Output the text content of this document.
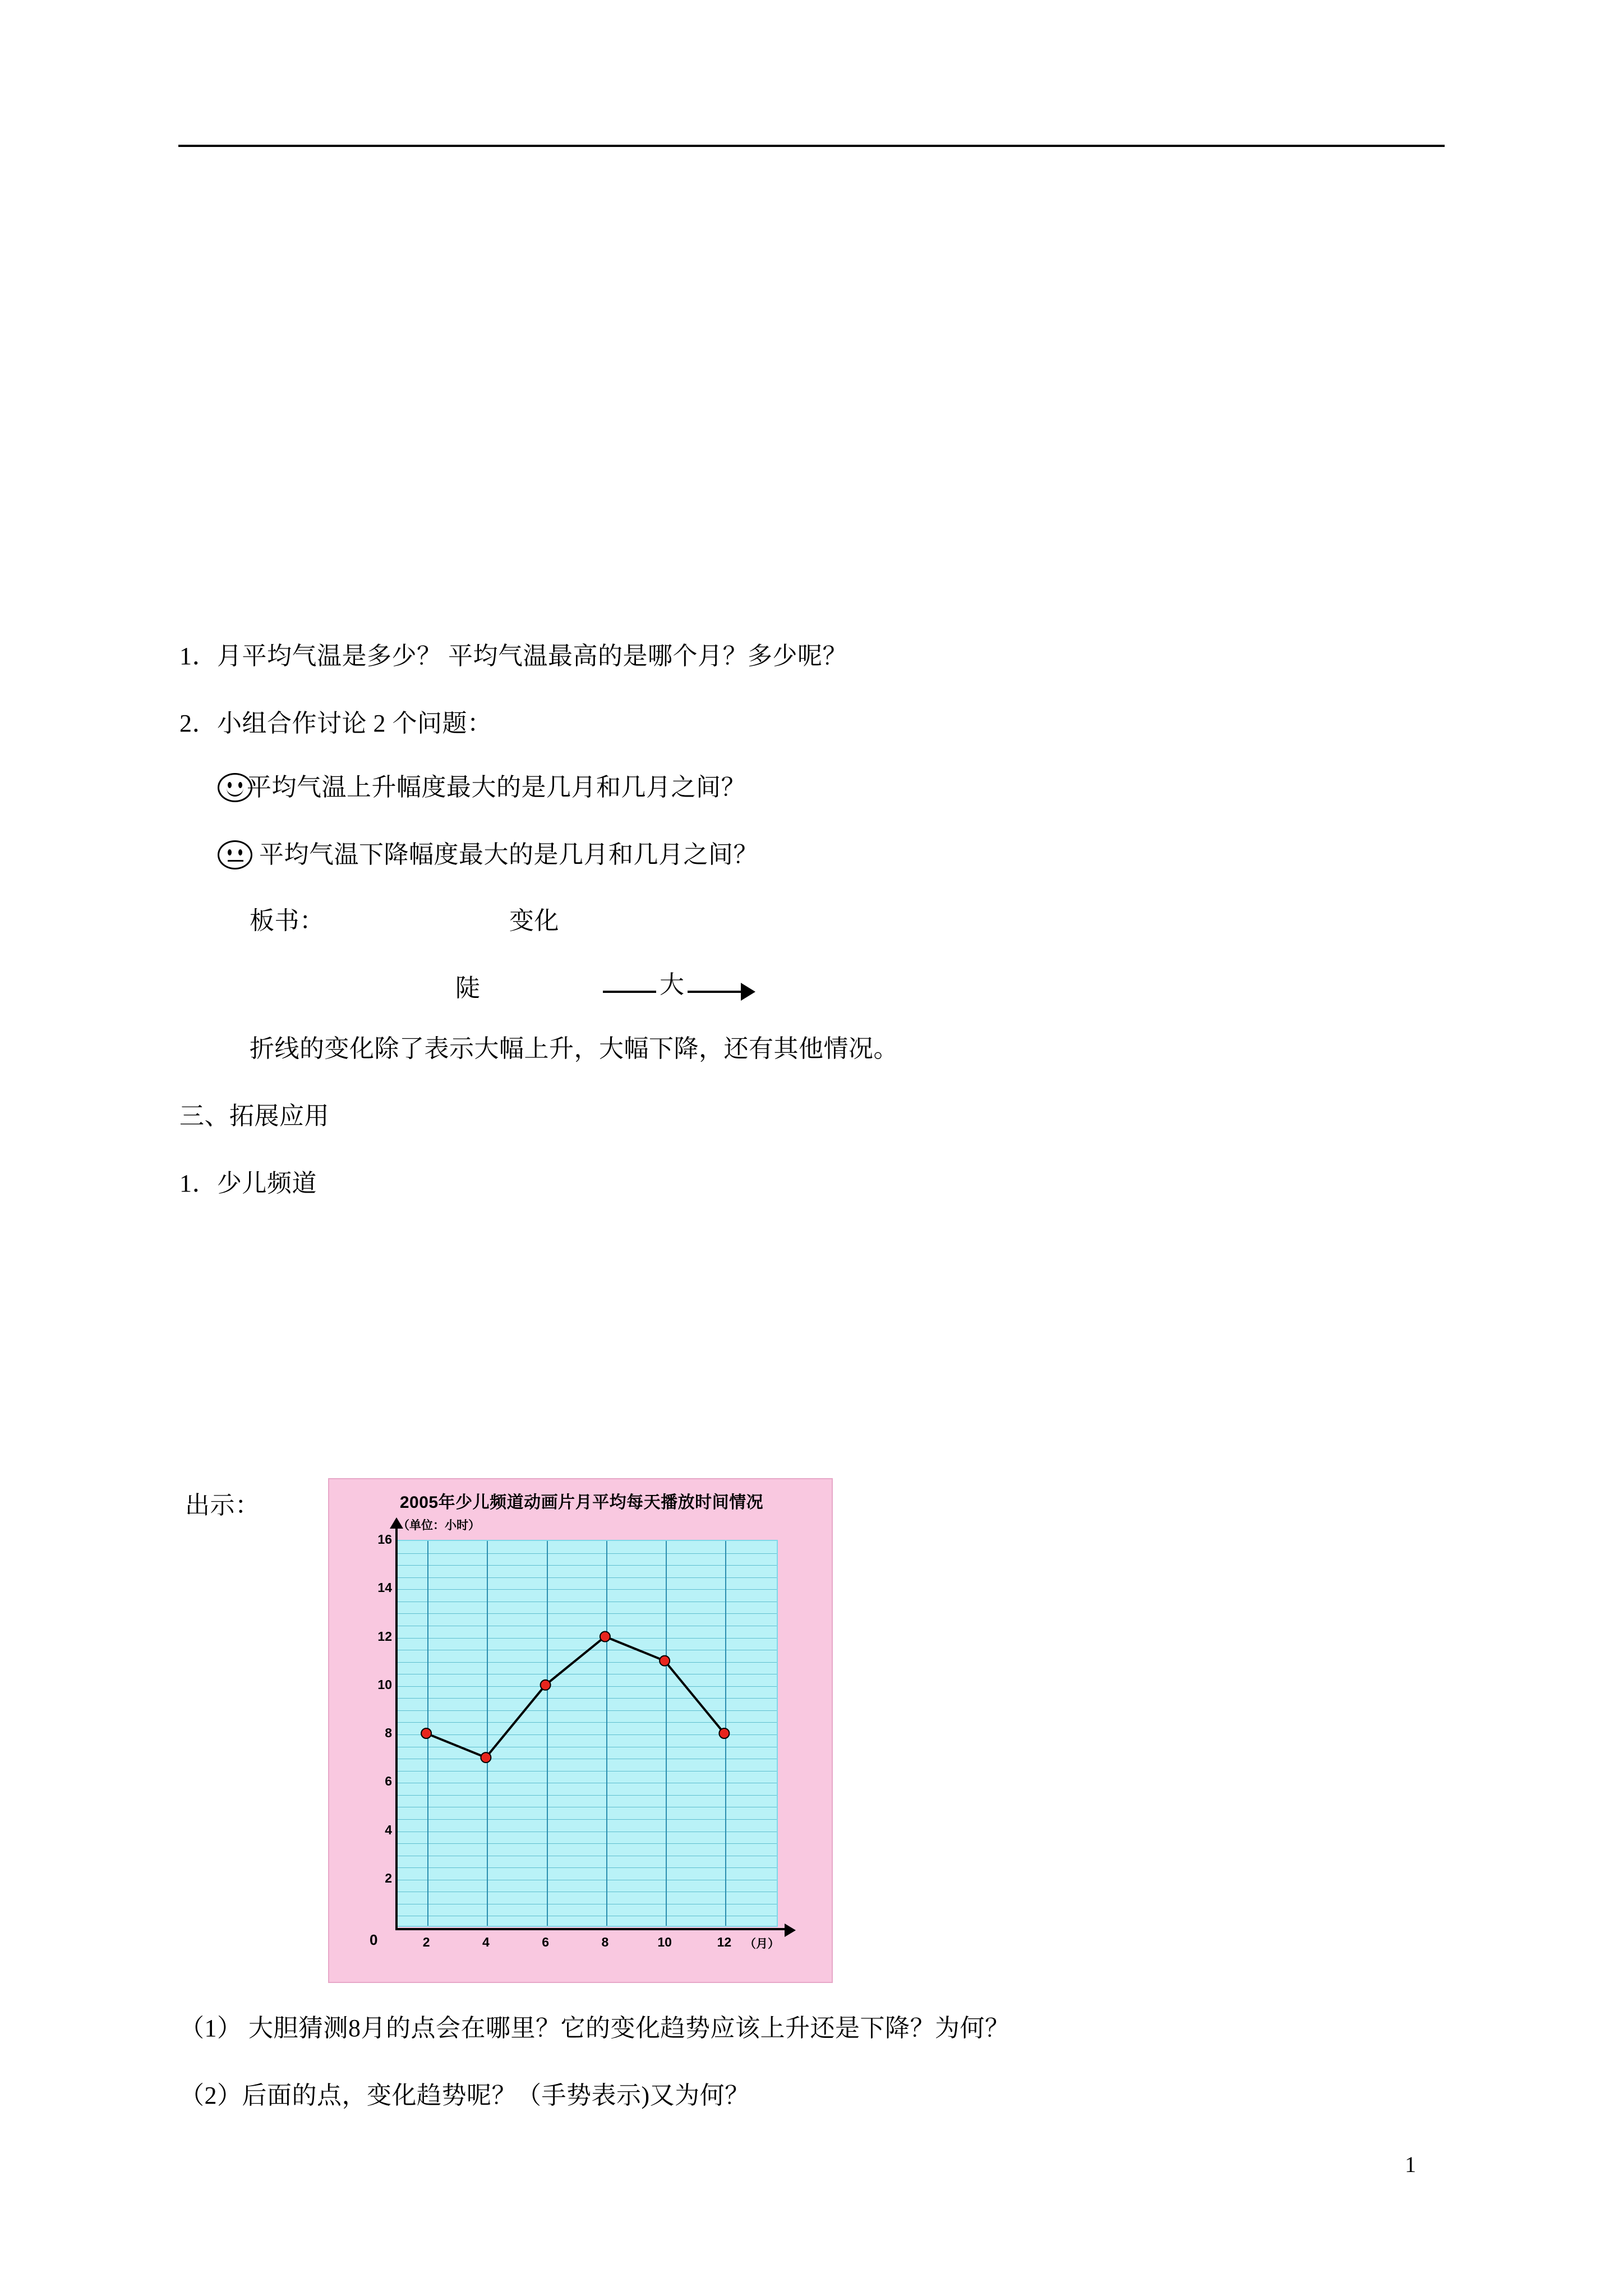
1．月平均气温是多少？ 平均气温最高的是哪个月？多少呢？
2．小组合作讨论 2 个问题：
平均气温上升幅度最大的是几月和几月之间？
平均气温下降幅度最大的是几月和几月之间？
板书：	变化
陡	大
折线的变化除了表示大幅上升，大幅下降，还有其他情况。
三、拓展应用
1．少儿频道
出示：	2005年少儿频道动画片月平均每天播放时间情况
（单位：小时）
2
4
6
8
10
12
14
16
2	4	6	8	10	12
0	（月）
（1） 大胆猜测8月的点会在哪里？它的变化趋势应该上升还是下降？为何？
（2）后面的点，变化趋势呢？（手势表示)又为何？
1
